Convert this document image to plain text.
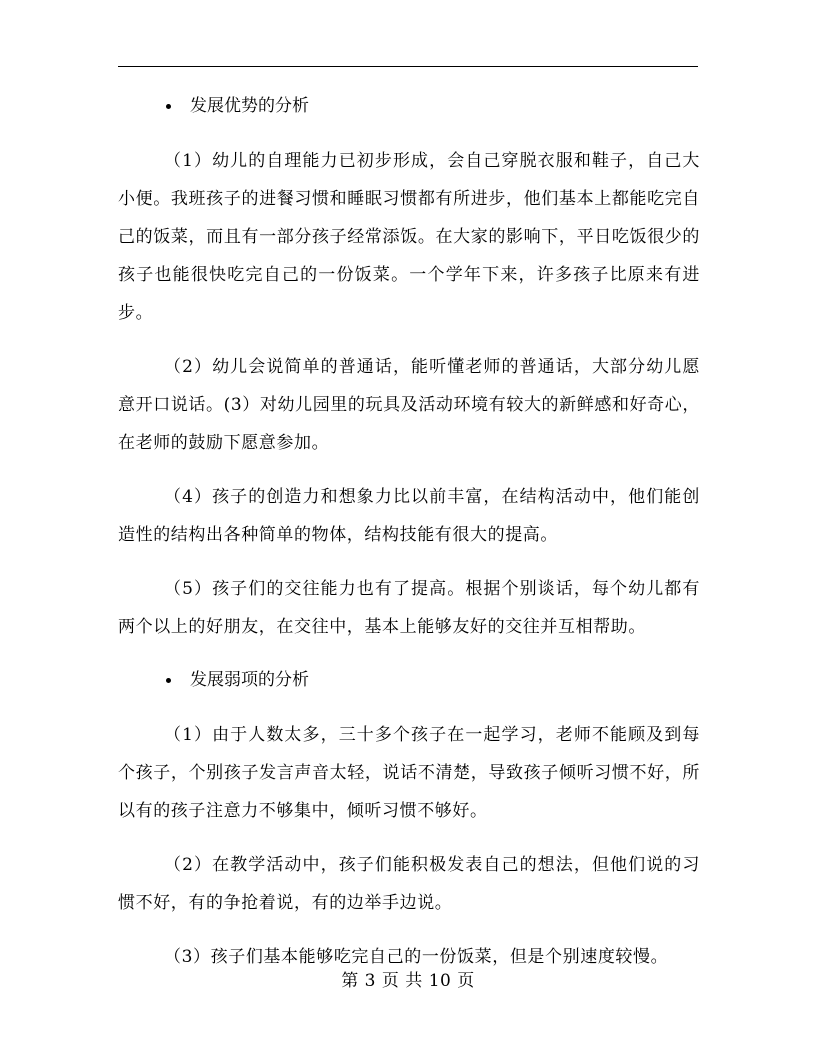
发展优势的分析

（1）幼儿的自理能力已初步形成，会自己穿脱衣服和鞋子，自己大小便。我班孩子的进餐习惯和睡眠习惯都有所进步，他们基本上都能吃完自己的饭菜，而且有一部分孩子经常添饭。在大家的影响下，平日吃饭很少的孩子也能很快吃完自己的一份饭菜。一个学年下来，许多孩子比原来有进步。

（2）幼儿会说简单的普通话，能听懂老师的普通话，大部分幼儿愿意开口说话。(3）对幼儿园里的玩具及活动环境有较大的新鲜感和好奇心，在老师的鼓励下愿意参加。

（4）孩子的创造力和想象力比以前丰富，在结构活动中，他们能创造性的结构出各种简单的物体，结构技能有很大的提高。

（5）孩子们的交往能力也有了提高。根据个别谈话，每个幼儿都有两个以上的好朋友，在交往中，基本上能够友好的交往并互相帮助。

发展弱项的分析

（1）由于人数太多，三十多个孩子在一起学习，老师不能顾及到每个孩子，个别孩子发言声音太轻，说话不清楚，导致孩子倾听习惯不好，所以有的孩子注意力不够集中，倾听习惯不够好。

（2）在教学活动中，孩子们能积极发表自己的想法，但他们说的习惯不好，有的争抢着说，有的边举手边说。

（3）孩子们基本能够吃完自己的一份饭菜，但是个别速度较慢。

第 3 页 共 10 页
